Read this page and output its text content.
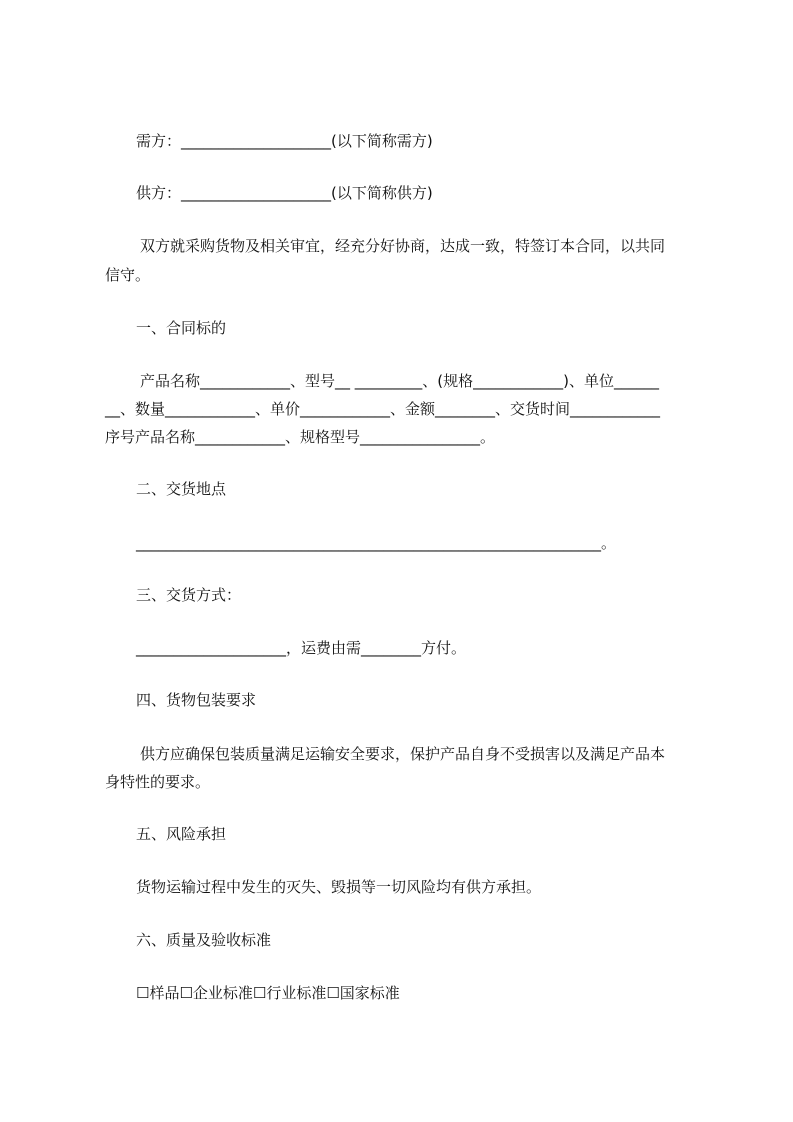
需方：____________________(以下简称需方)
供方：____________________(以下简称供方)
双方就采购货物及相关审宜，经充分好协商，达成一致，特签订本合同，以共同
信守。
一、合同标的
产品名称____________、型号__ _________、(规格____________)、单位______
__、数量____________、单价____________、金额________、交货时间____________
序号产品名称____________、规格型号________________。
二、交货地点
______________________________________________________________。
三、交货方式：
____________________，运费由需________方付。
四、货物包装要求
供方应确保包装质量满足运输安全要求，保护产品自身不受损害以及满足产品本
身特性的要求。
五、风险承担
货物运输过程中发生的灭失、毁损等一切风险均有供方承担。
六、质量及验收标准
☐样品☐企业标准☐行业标准☐国家标准
